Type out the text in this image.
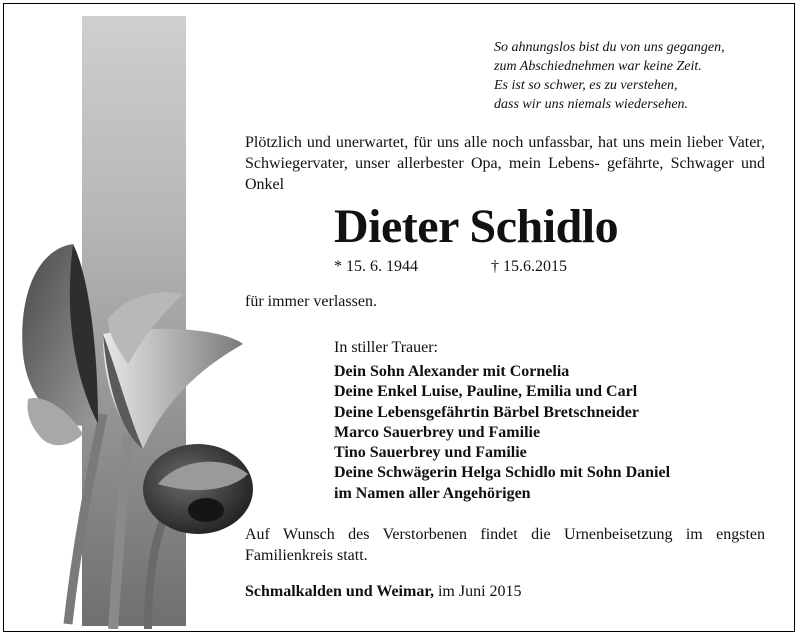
So ahnungslos bist du von uns gegangen,
zum Abschiednehmen war keine Zeit.
Es ist so schwer, es zu verstehen,
dass wir uns niemals wiedersehen.
Plötzlich und unerwartet, für uns alle noch unfassbar, hat uns mein lieber Vater, Schwiegervater, unser allerbester Opa, mein Lebens- gefährte, Schwager und Onkel
Dieter Schidlo
* 15. 6. 1944	† 15.6.2015
für immer verlassen.
In stiller Trauer:
Dein Sohn Alexander mit Cornelia
Deine Enkel Luise, Pauline, Emilia und Carl
Deine Lebensgefährtin Bärbel Bretschneider
Marco Sauerbrey und Familie
Tino Sauerbrey und Familie
Deine Schwägerin Helga Schidlo mit Sohn Daniel
im Namen aller Angehörigen
Auf Wunsch des Verstorbenen findet die Urnenbeisetzung im engsten Familienkreis statt.
Schmalkalden und Weimar, im Juni 2015
